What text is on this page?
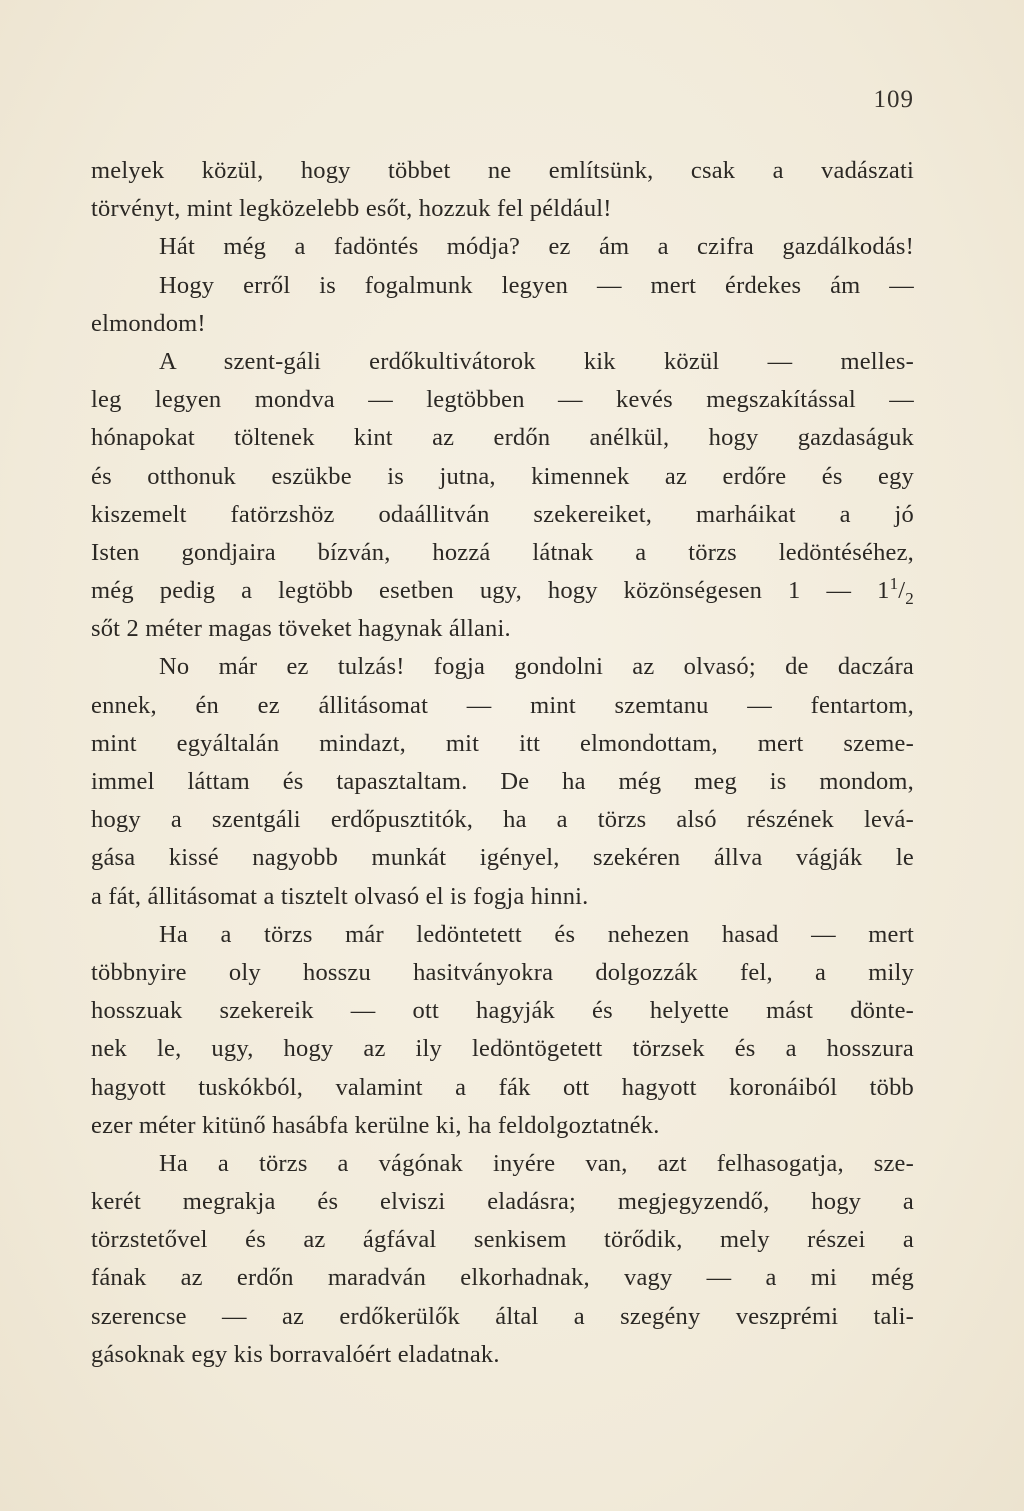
109
melyek közül, hogy többet ne említsünk, csak a vadászati
törvényt, mint legközelebb esőt, hozzuk fel például!
Hát még a fadöntés módja? ez ám a czifra gazdálkodás!
Hogy erről is fogalmunk legyen — mert érdekes ám —
elmondom!
A szent-gáli erdőkultivátorok kik közül — melles-
leg legyen mondva — legtöbben — kevés megszakítással —
hónapokat töltenek kint az erdőn anélkül, hogy gazdaságuk
és otthonuk eszükbe is jutna, kimennek az erdőre és egy
kiszemelt fatörzshöz odaállitván szekereiket, marháikat a jó
Isten gondjaira bízván, hozzá látnak a törzs ledöntéséhez,
még pedig a legtöbb esetben ugy, hogy közönségesen 1 — $1^1/_2$
sőt 2 méter magas töveket hagynak állani.
No már ez tulzás! fogja gondolni az olvasó; de daczára
ennek, én ez állitásomat — mint szemtanu — fentartom,
mint egyáltalán mindazt, mit itt elmondottam, mert szeme-
immel láttam és tapasztaltam. De ha még meg is mondom,
hogy a szentgáli erdőpusztitók, ha a törzs alsó részének levá-
gása kissé nagyobb munkát igényel, szekéren állva vágják le
a fát, állitásomat a tisztelt olvasó el is fogja hinni.
Ha a törzs már ledöntetett és nehezen hasad — mert
többnyire oly hosszu hasitványokra dolgozzák fel, a mily
hosszuak szekereik — ott hagyják és helyette mást dönte-
nek le, ugy, hogy az ily ledöntögetett törzsek és a hosszura
hagyott tuskókból, valamint a fák ott hagyott koronáiból több
ezer méter kitünő hasábfa kerülne ki, ha feldolgoztatnék.
Ha a törzs a vágónak inyére van, azt felhasogatja, sze-
kerét megrakja és elviszi eladásra; megjegyzendő, hogy a
törzstetővel és az ágfával senkisem törődik, mely részei a
fának az erdőn maradván elkorhadnak, vagy — a mi még
szerencse — az erdőkerülők által a szegény veszprémi tali-
gásoknak egy kis borravalóért eladatnak.
